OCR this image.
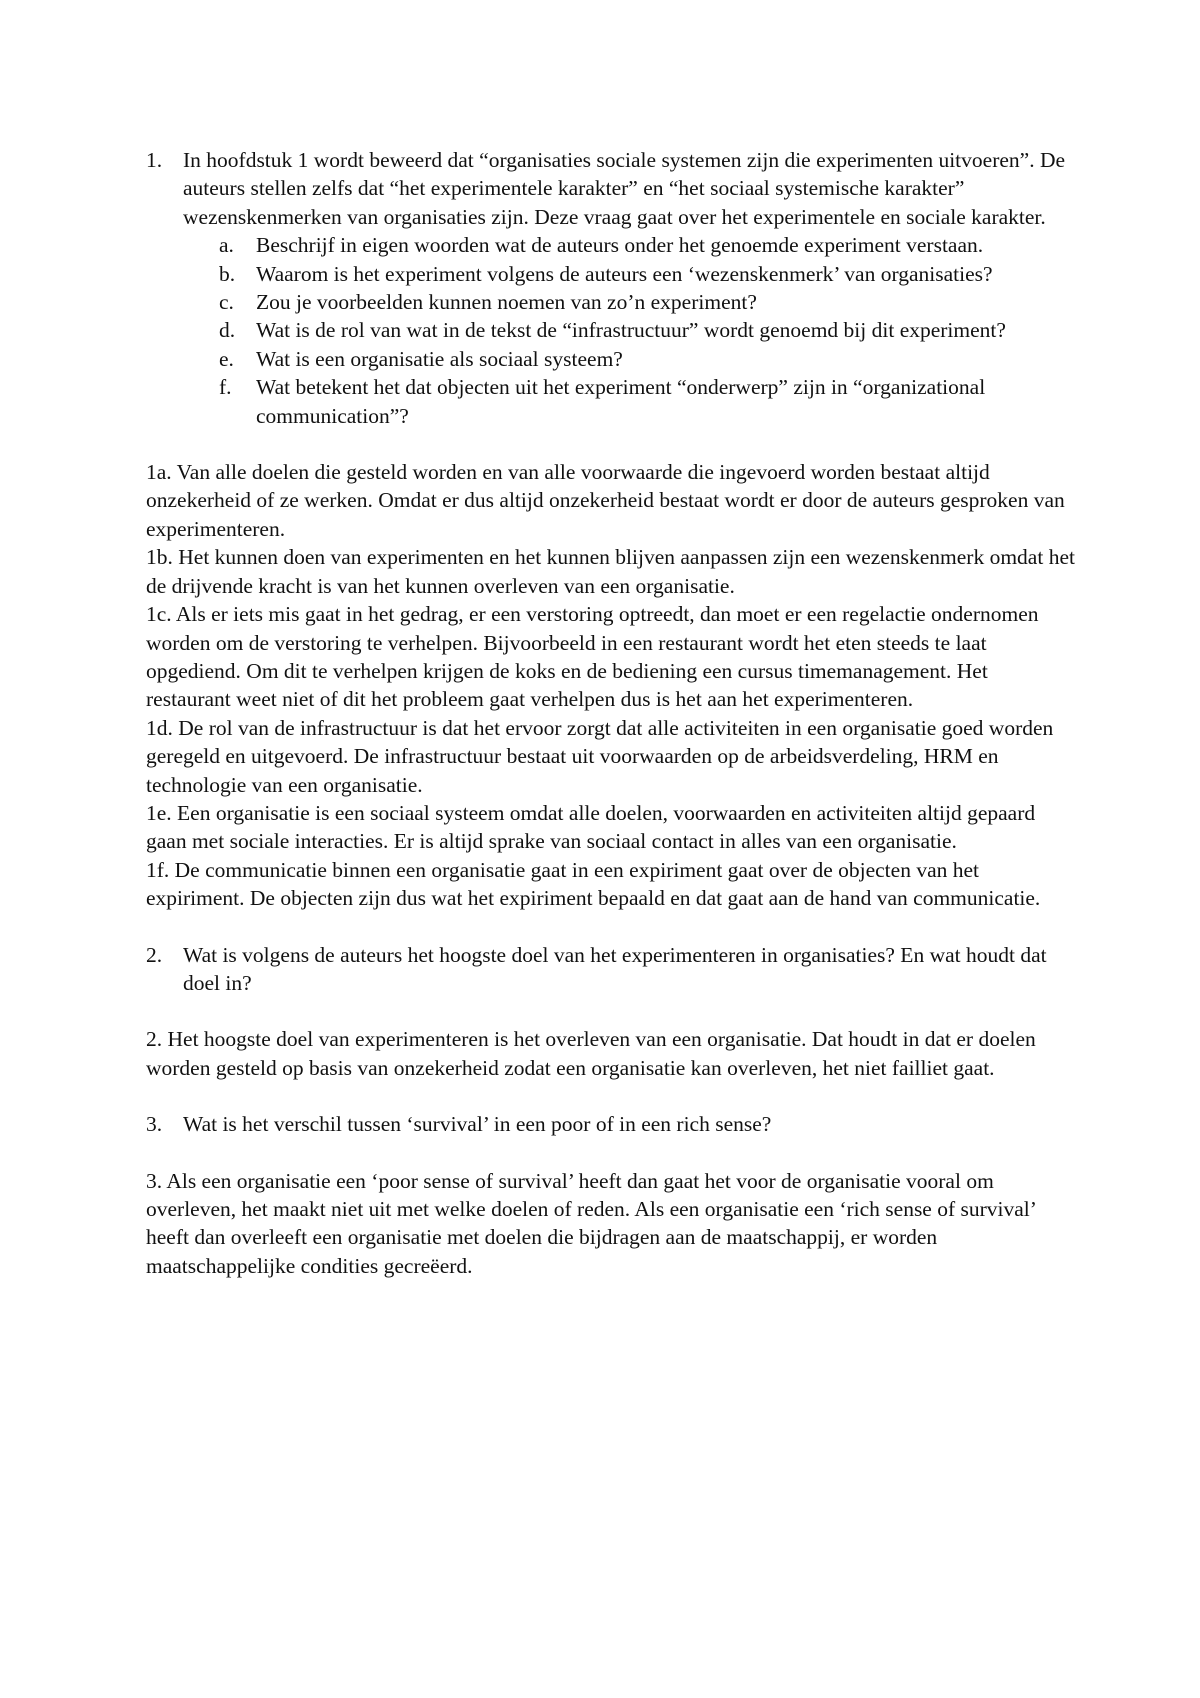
1. In hoofdstuk 1 wordt beweerd dat “organisaties sociale systemen zijn die experimenten uitvoeren”. De auteurs stellen zelfs dat “het experimentele karakter” en “het sociaal systemische karakter” wezenskenmerken van organisaties zijn. Deze vraag gaat over het experimentele en sociale karakter.
a. Beschrijf in eigen woorden wat de auteurs onder het genoemde experiment verstaan.
b. Waarom is het experiment volgens de auteurs een ‘wezenskenmerk’ van organisaties?
c. Zou je voorbeelden kunnen noemen van zo’n experiment?
d. Wat is de rol van wat in de tekst de “infrastructuur” wordt genoemd bij dit experiment?
e. Wat is een organisatie als sociaal systeem?
f. Wat betekent het dat objecten uit het experiment “onderwerp” zijn in “organizational communication”?

1a. Van alle doelen die gesteld worden en van alle voorwaarde die ingevoerd worden bestaat altijd onzekerheid of ze werken. Omdat er dus altijd onzekerheid bestaat wordt er door de auteurs gesproken van experimenteren.

1b. Het kunnen doen van experimenten en het kunnen blijven aanpassen zijn een wezenskenmerk omdat het de drijvende kracht is van het kunnen overleven van een organisatie.

1c. Als er iets mis gaat in het gedrag, er een verstoring optreedt, dan moet er een regelactie ondernomen worden om de verstoring te verhelpen. Bijvoorbeeld in een restaurant wordt het eten steeds te laat opgediend. Om dit te verhelpen krijgen de koks en de bediening een cursus timemanagement. Het restaurant weet niet of dit het probleem gaat verhelpen dus is het aan het experimenteren.

1d. De rol van de infrastructuur is dat het ervoor zorgt dat alle activiteiten in een organisatie goed worden geregeld en uitgevoerd. De infrastructuur bestaat uit voorwaarden op de arbeidsverdeling, HRM en technologie van een organisatie.

1e. Een organisatie is een sociaal systeem omdat alle doelen, voorwaarden en activiteiten altijd gepaard gaan met sociale interacties. Er is altijd sprake van sociaal contact in alles van een organisatie.

1f. De communicatie binnen een organisatie gaat in een expiriment gaat over de objecten van het expiriment. De objecten zijn dus wat het expiriment bepaald en dat gaat aan de hand van communicatie.

2. Wat is volgens de auteurs het hoogste doel van het experimenteren in organisaties? En wat houdt dat doel in?

2. Het hoogste doel van experimenteren is het overleven van een organisatie. Dat houdt in dat er doelen worden gesteld op basis van onzekerheid zodat een organisatie kan overleven, het niet failliet gaat.

3. Wat is het verschil tussen ‘survival’ in een poor of in een rich sense?

3. Als een organisatie een ‘poor sense of survival’ heeft dan gaat het voor de organisatie vooral om overleven, het maakt niet uit met welke doelen of reden. Als een organisatie een ‘rich sense of survival’ heeft dan overleeft een organisatie met doelen die bijdragen aan de maatschappij, er worden maatschappelijke condities gecreëerd.
